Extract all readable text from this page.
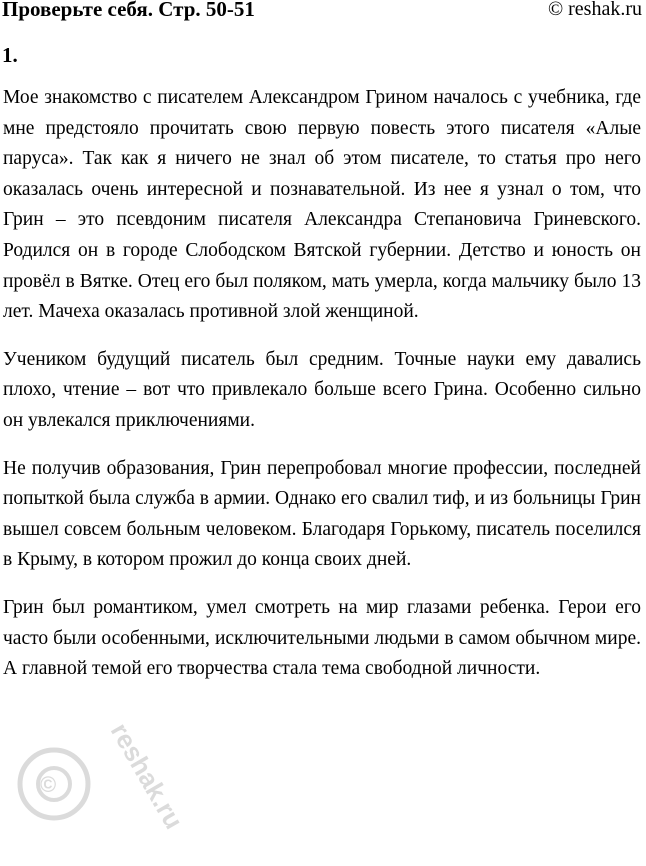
Проверьте себя. Стр. 50-51	© reshak.ru
1.

Мое знакомство с писателем Александром Грином началось с учебника, где мне предстояло прочитать свою первую повесть этого писателя «Алые паруса». Так как я ничего не знал об этом писателе, то статья про него оказалась очень интересной и познавательной. Из нее я узнал о том, что Грин – это псевдоним писателя Александра Степановича Гриневского. Родился он в городе Слободском Вятской губернии. Детство и юность он провёл в Вятке. Отец его был поляком, мать умерла, когда мальчику было 13 лет. Мачеха оказалась противной злой женщиной.

Учеником будущий писатель был средним. Точные науки ему давались плохо, чтение – вот что привлекало больше всего Грина. Особенно сильно он увлекался приключениями.

Не получив образования, Грин перепробовал многие профессии, последней попыткой была служба в армии. Однако его свалил тиф, и из больницы Грин вышел совсем больным человеком. Благодаря Горькому, писатель поселился в Крыму, в котором прожил до конца своих дней.

Грин был романтиком, умел смотреть на мир глазами ребенка. Герои его часто были особенными, исключительными людьми в самом обычном мире. А главной темой его творчества стала тема свободной личности.

© reshak.ru
